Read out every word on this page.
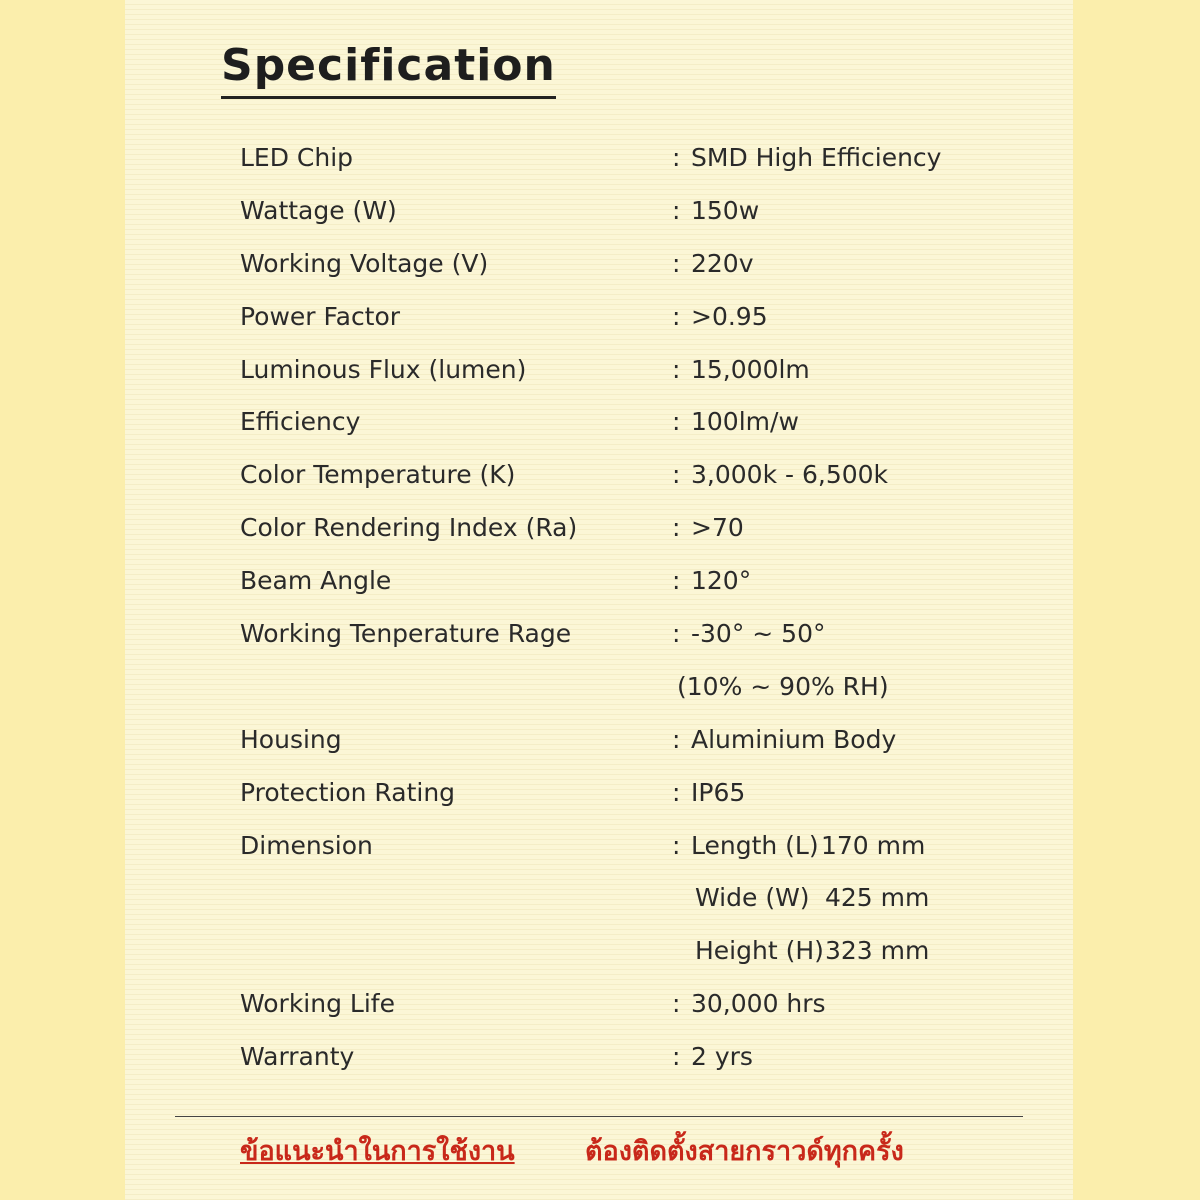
Specification
LED Chip	: SMD High Efficiency
Wattage (W)	: 150w
Working Voltage (V)	: 220v
Power Factor	: >0.95
Luminous Flux (lumen)	: 15,000lm
Efficiency	: 100lm/w
Color Temperature (K)	: 3,000k - 6,500k
Color Rendering Index (Ra)	: >70
Beam Angle	: 120°
Working Tenperature Rage	: -30° ~ 50°
(10% ~ 90% RH)
Housing	: Aluminium Body
Protection Rating	: IP65
Dimension	: Length (L)170 mm
Wide (W) 425 mm
Height (H)323 mm
Working Life	: 30,000 hrs
Warranty	: 2 yrs
ข้อแนะนำในการใช้งาน	ต้องติดตั้งสายกราวด์ทุกครั้ง
